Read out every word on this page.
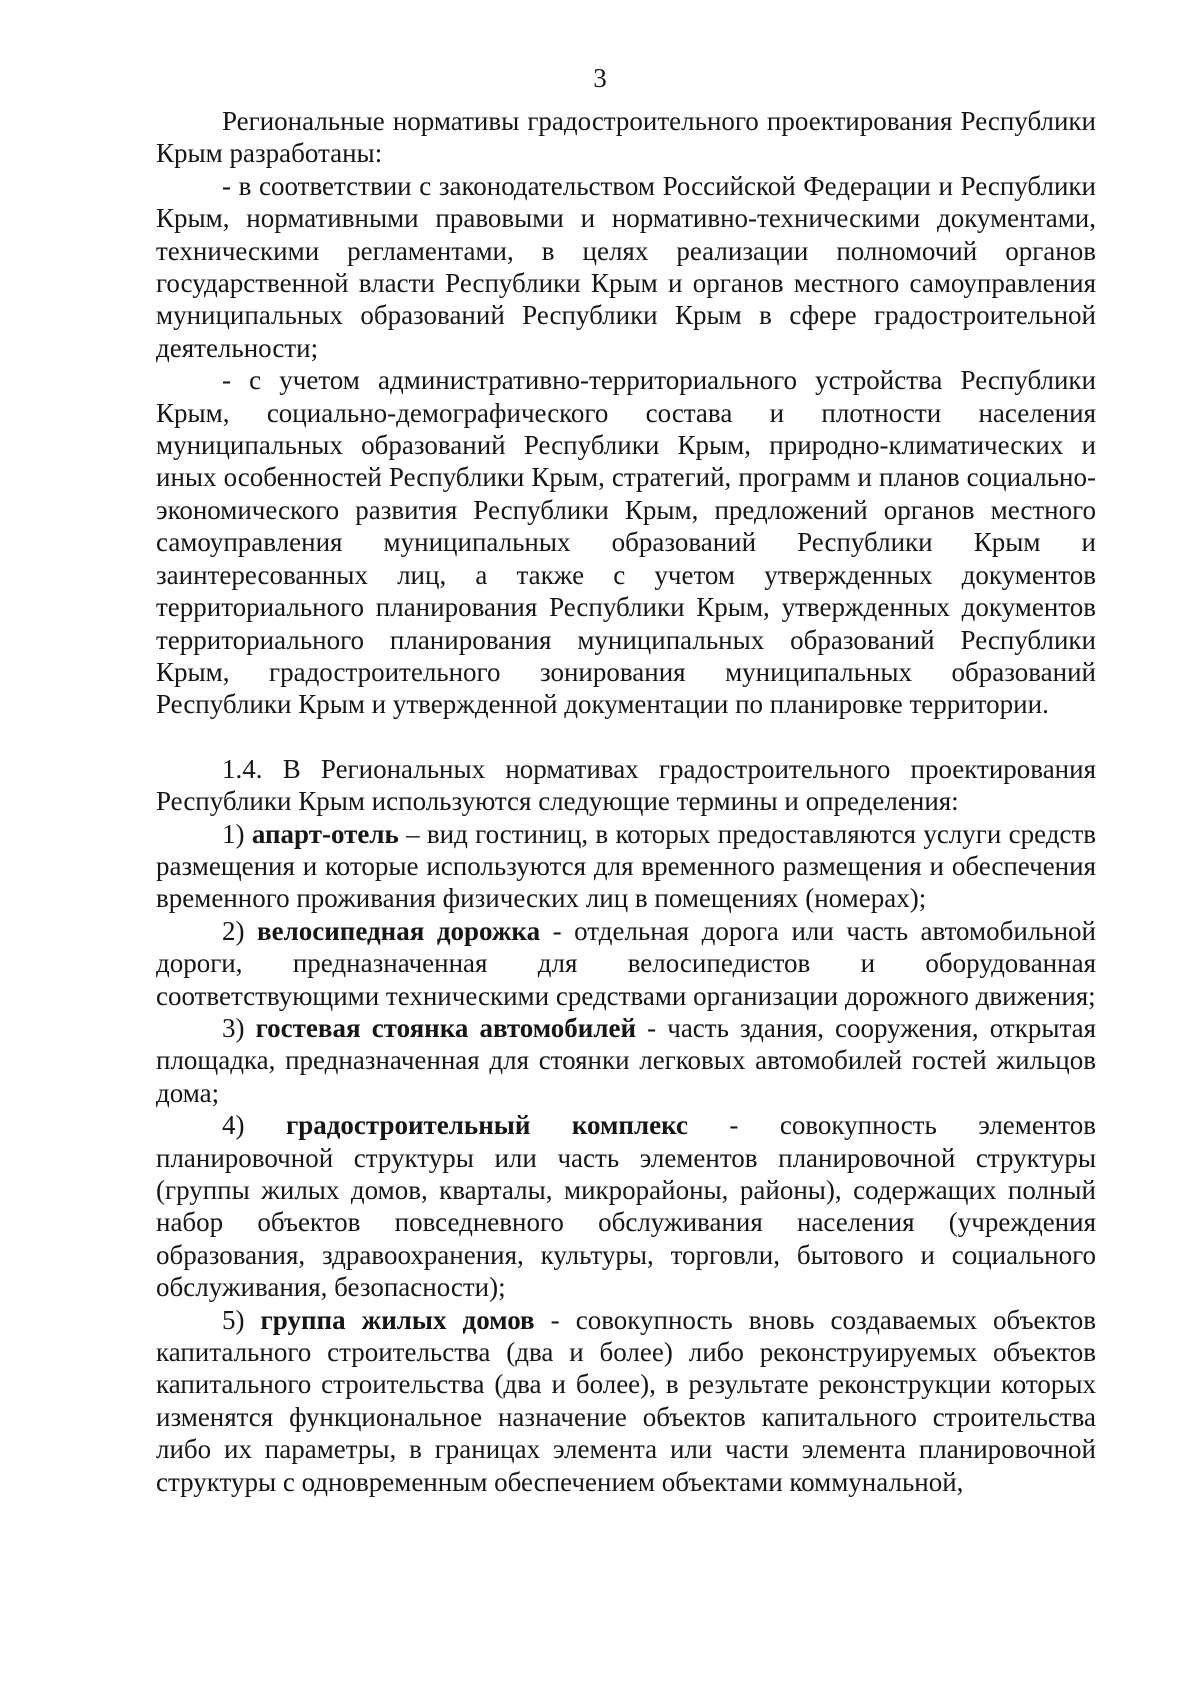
3

Региональные нормативы градостроительного проектирования Республики Крым разработаны:

- в соответствии с законодательством Российской Федерации и Республики Крым, нормативными правовыми и нормативно-техническими документами, техническими регламентами, в целях реализации полномочий органов государственной власти Республики Крым и органов местного самоуправления муниципальных образований Республики Крым в сфере градостроительной деятельности;

- с учетом административно-территориального устройства Республики Крым, социально-демографического состава и плотности населения муниципальных образований Республики Крым, природно-климатических и иных особенностей Республики Крым, стратегий, программ и планов социально-экономического развития Республики Крым, предложений органов местного самоуправления муниципальных образований Республики Крым и заинтересованных лиц, а также с учетом утвержденных документов территориального планирования Республики Крым, утвержденных документов территориального планирования муниципальных образований Республики Крым, градостроительного зонирования муниципальных образований Республики Крым и утвержденной документации по планировке территории.

1.4. В Региональных нормативах градостроительного проектирования Республики Крым используются следующие термины и определения:

1) апарт-отель – вид гостиниц, в которых предоставляются услуги средств размещения и которые используются для временного размещения и обеспечения временного проживания физических лиц в помещениях (номерах);

2) велосипедная дорожка - отдельная дорога или часть автомобильной дороги, предназначенная для велосипедистов и оборудованная соответствующими техническими средствами организации дорожного движения;

3) гостевая стоянка автомобилей - часть здания, сооружения, открытая площадка, предназначенная для стоянки легковых автомобилей гостей жильцов дома;

4) градостроительный комплекс - совокупность элементов планировочной структуры или часть элементов планировочной структуры (группы жилых домов, кварталы, микрорайоны, районы), содержащих полный набор объектов повседневного обслуживания населения (учреждения образования, здравоохранения, культуры, торговли, бытового и социального обслуживания, безопасности);

5) группа жилых домов - совокупность вновь создаваемых объектов капитального строительства (два и более) либо реконструируемых объектов капитального строительства (два и более), в результате реконструкции которых изменятся функциональное назначение объектов капитального строительства либо их параметры, в границах элемента или части элемента планировочной структуры с одновременным обеспечением объектами коммунальной,
